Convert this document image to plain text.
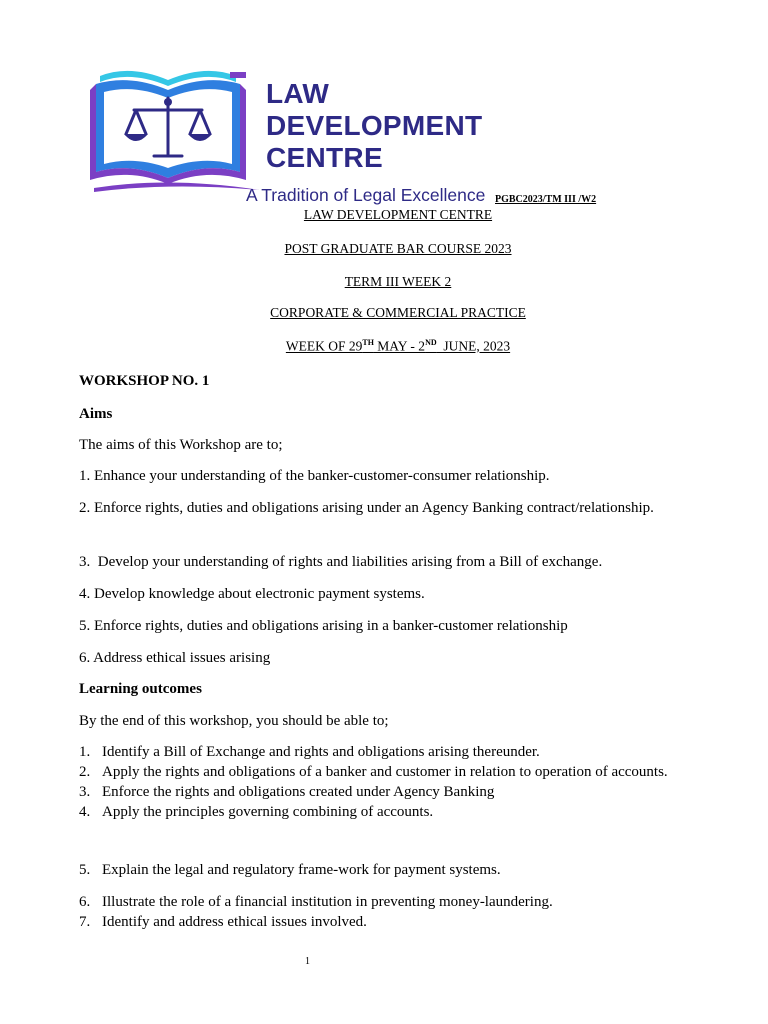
LAW
DEVELOPMENT
CENTRE
A Tradition of Legal Excellence PGBC2023/TM III /W2
LAW DEVELOPMENT CENTRE
POST GRADUATE BAR COURSE 2023
TERM III WEEK 2
CORPORATE & COMMERCIAL PRACTICE
WEEK OF 29TH MAY - 2ND  JUNE, 2023
WORKSHOP NO. 1
Aims
The aims of this Workshop are to;
1. Enhance your understanding of the banker-customer-consumer relationship.
2. Enforce rights, duties and obligations arising under an Agency Banking contract/relationship.
3.  Develop your understanding of rights and liabilities arising from a Bill of exchange.
4. Develop knowledge about electronic payment systems.
5. Enforce rights, duties and obligations arising in a banker-customer relationship
6. Address ethical issues arising
Learning outcomes
By the end of this workshop, you should be able to;
1. Identify a Bill of Exchange and rights and obligations arising thereunder.
2. Apply the rights and obligations of a banker and customer in relation to operation of accounts.
3. Enforce the rights and obligations created under Agency Banking
4. Apply the principles governing combining of accounts.
5. Explain the legal and regulatory frame-work for payment systems.
6. Illustrate the role of a financial institution in preventing money-laundering.
7. Identify and address ethical issues involved.
1
